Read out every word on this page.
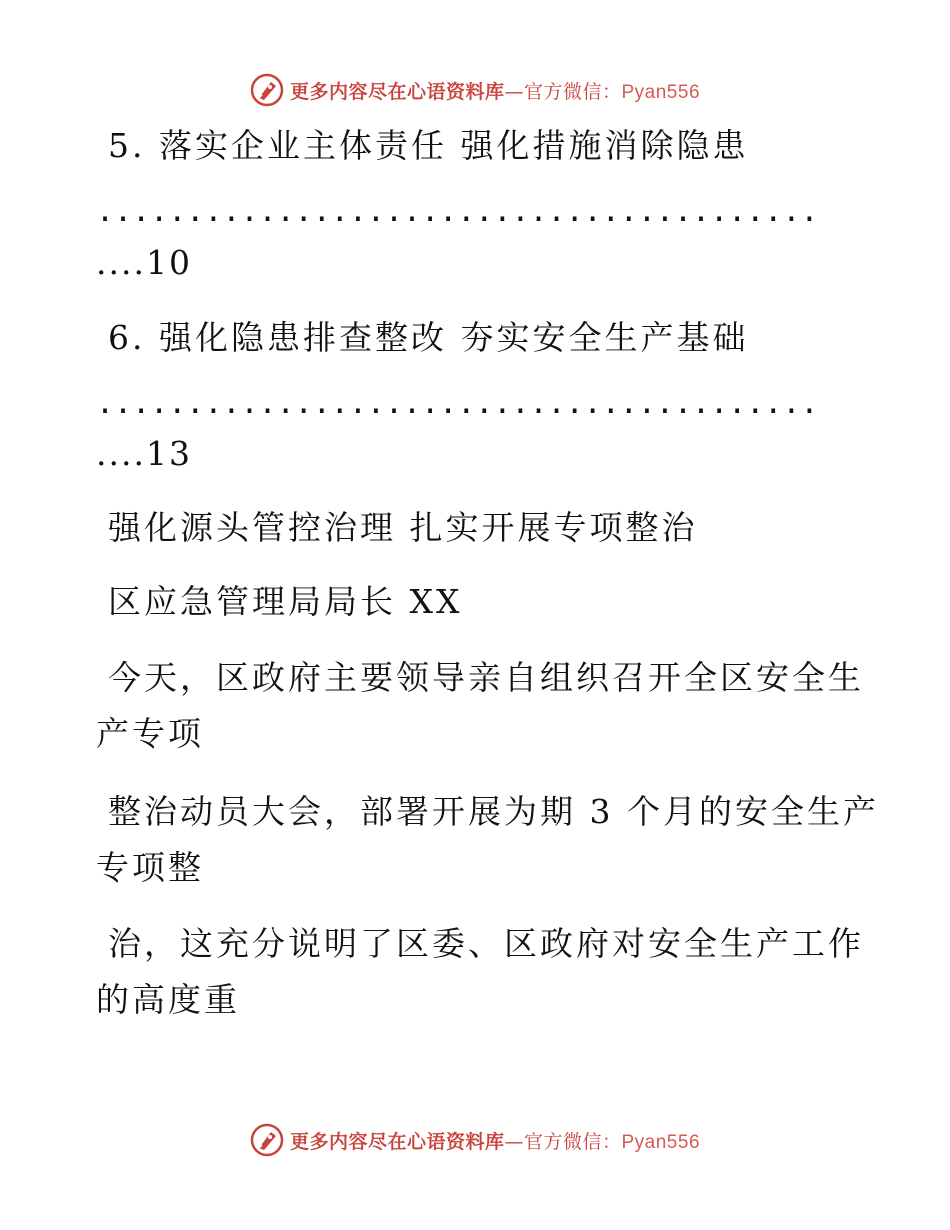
更多内容尽在心语资料库—官方微信：Pyan556
5. 落实企业主体责任 强化措施消除隐患
........................................
....10
6. 强化隐患排查整改 夯实安全生产基础
........................................
....13
强化源头管控治理 扎实开展专项整治
区应急管理局局长 XX
今天，区政府主要领导亲自组织召开全区安全生
产专项
整治动员大会，部署开展为期 3 个月的安全生产
专项整
治，这充分说明了区委、区政府对安全生产工作
的高度重
更多内容尽在心语资料库—官方微信：Pyan556
